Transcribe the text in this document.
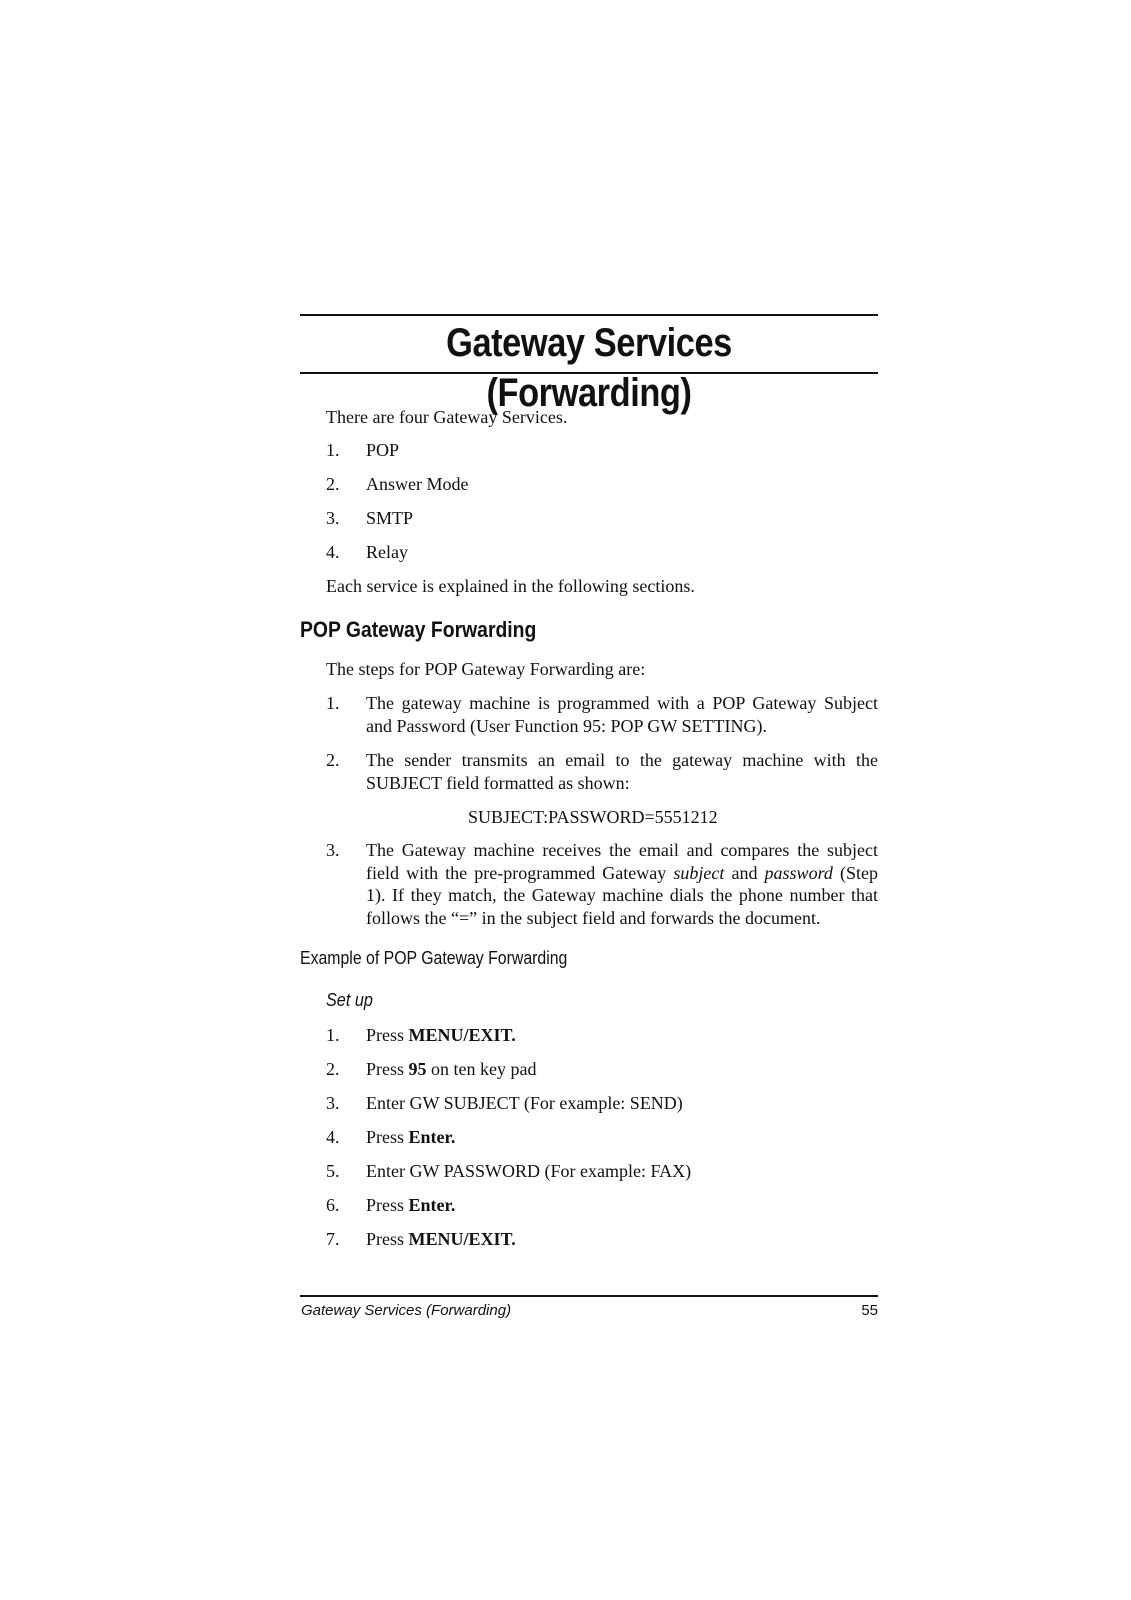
Gateway Services (Forwarding)
There are four Gateway Services.
1.	POP
2.	Answer Mode
3.	SMTP
4.	Relay
Each service is explained in the following sections.
POP Gateway Forwarding
The steps for POP Gateway Forwarding are:
1.	The gateway machine is programmed with a POP Gateway Subject and Password (User Function 95: POP GW SETTING).
2.	The sender transmits an email to the gateway machine with the SUBJECT field formatted as shown:
SUBJECT:PASSWORD=5551212
3.	The Gateway machine receives the email and compares the subject field with the pre-programmed Gateway subject and password (Step 1). If they match, the Gateway machine dials the phone number that follows the “=” in the subject field and forwards the document.
Example of POP Gateway Forwarding
Set up
1.	Press MENU/EXIT.
2.	Press 95 on ten key pad
3.	Enter GW SUBJECT (For example: SEND)
4.	Press Enter.
5.	Enter GW PASSWORD (For example: FAX)
6.	Press Enter.
7.	Press MENU/EXIT.
Gateway Services (Forwarding)	55
